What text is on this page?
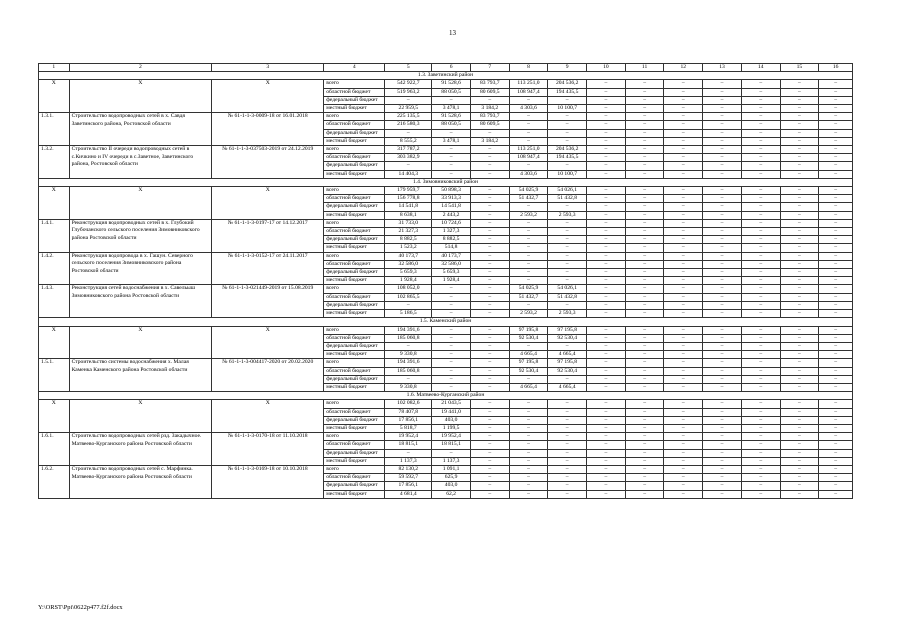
13
1	2	3	4	5	6	7	8	9	10	11	12	13	14	15	16
1.3. Заветинский район															
X	X	X	всего	542 922,7	91 528,6	83 793,7	113 251,0	204 536,2	–	–	–	–	–	–	–
			областной бюджет	519 963,2	88 050,5	80 609,5	108 947,4	194 435,5	–	–	–	–	–	–	–
			федеральный бюджет	–	–	–	–	–	–	–	–	–	–	–	–
			местный бюджет	22 959,5	3 478,1	3 184,2	4 303,6	10 100,7	–	–	–	–	–	–	–
1.3.1.	Строительство водопроводных сетей в х. Савдя Заветинского района, Ростовской области	№ 61-1-1-3-0009-18 от 16.01.2018	всего	225 135,5	91 528,6	83 793,7	–	–	–	–	–	–	–	–	–
			областной бюджет	216 580,3	88 050,5	80 609,5	–	–	–	–	–	–	–	–	–
			федеральный бюджет	–	–	–	–	–	–	–	–	–	–	–	–
			местный бюджет	8 555,2	3 478,1	3 184,2	–	–	–	–	–	–	–	–	–
1.3.2.	Строительство II очереди водопроводных сетей в с.Кичкино и IV очереди в с.Заветное, Заветинского района, Ростовской области	№ 61-1-1-3-037503-2019 от 24.12.2019	всего	317 787,2	–	–	113 251,0	204 536,2	–	–	–	–	–	–	–
			областной бюджет	303 382,9	–	–	108 947,4	194 435,5	–	–	–	–	–	–	–
			федеральный бюджет	–	–	–	–	–	–	–	–	–	–	–	–
			местный бюджет	14 404,3	–	–	4 303,6	10 100,7	–	–	–	–	–	–	–
1.4. Зимовниковский район															
X	X	X	всего	179 959,7	50 898,3	–	54 025,9	54 026,1	–	–	–	–	–	–	–
			областной бюджет	156 778,8	33 913,3	–	51 432,7	51 432,8	–	–	–	–	–	–	–
			федеральный бюджет	14 541,8	14 541,8	–	–	–	–	–	–	–	–	–	–
			местный бюджет	8 638,1	2 443,2	–	2 593,2	2 593,3	–	–	–	–	–	–	–
1.4.1.	Реконструкция водопроводных сетей в х. Глубокий Глубочанского сельского поселения Зимовниковского района Ростовской области	№ 61-1-1-3-0197-17 от 14.12.2017	всего	31 733,0	10 724,6	–	–	–	–	–	–	–	–	–	–
			областной бюджет	21 327,3	1 327,3	–	–	–	–	–	–	–	–	–	–
			федеральный бюджет	8 882,5	8 882,5	–	–	–	–	–	–	–	–	–	–
			местный бюджет	1 523,2	514,8	–	–	–	–	–	–	–	–	–	–
1.4.2.	Реконструкция водопровода в х. Гашун. Северного сельского поселения Зимовниковского района Ростовской области	№ 61-1-1-3-0152-17 от 24.11.2017	всего	40 173,7	40 173,7	–	–	–	–	–	–	–	–	–	–
			областной бюджет	32 586,0	32 586,0	–	–	–	–	–	–	–	–	–	–
			федеральный бюджет	5 659,3	5 659,3	–	–	–	–	–	–	–	–	–	–
			местный бюджет	1 928,4	1 928,4	–	–	–	–	–	–	–	–	–	–
1.4.3.	Реконструкция сетей водоснабжения в х. Савельыш Зимовниковского района Ростовской области	№ 61-1-1-3-021449-2019 от 15.08.2019	всего	108 052,0	–	–	54 025,9	54 026,1	–	–	–	–	–	–	–
			областной бюджет	102 865,5	–	–	51 432,7	51 432,8	–	–	–	–	–	–	–
			федеральный бюджет	–	–	–	–	–	–	–	–	–	–	–	–
			местный бюджет	5 186,5	–	–	2 593,2	2 593,3	–	–	–	–	–	–	–
1.5. Каменский район															
X	X	X	всего	194 391,6	–	–	97 195,8	97 195,8	–	–	–	–	–	–	–
			областной бюджет	185 060,8	–	–	92 530,4	92 530,4	–	–	–	–	–	–	–
			федеральный бюджет	–	–	–	–	–	–	–	–	–	–	–	–
			местный бюджет	9 330,8	–	–	4 665,4	4 665,4	–	–	–	–	–	–	–
1.5.1.	Строительство системы водоснабжения х. Малая Каменка Каменского района Ростовской области	№ 61-1-1-3-004417-2020 от 20.02.2020	всего	194 391,6	–	–	97 195,8	97 195,8	–	–	–	–	–	–	–
			областной бюджет	185 060,8	–	–	92 530,4	92 530,4	–	–	–	–	–	–	–
			федеральный бюджет	–	–	–	–	–	–	–	–	–	–	–	–
			местный бюджет	9 330,8	–	–	4 665,4	4 665,4	–	–	–	–	–	–	–
1.6. Матвеево-Курганский район															
X	X	X	всего	102 082,6	21 043,5	–	–	–	–	–	–	–	–	–	–
			областной бюджет	78 407,8	19 441,0	–	–	–	–	–	–	–	–	–	–
			федеральный бюджет	17 856,1	403,0	–	–	–	–	–	–	–	–	–	–
			местный бюджет	5 818,7	1 199,5	–	–	–	–	–	–	–	–	–	–
1.6.1.	Строительство водопроводных сетей рзд. Закадычное. Матвеево-Курганского района Ростовской области	№ 61-1-1-3-0170-18 от 11.10.2018	всего	19 952,4	19 952,4	–	–	–	–	–	–	–	–	–	–
			областной бюджет	18 815,1	18 815,1	–	–	–	–	–	–	–	–	–	–
			федеральный бюджет	–	–	–	–	–	–	–	–	–	–	–	–
			местный бюджет	1 137,3	1 137,3	–	–	–	–	–	–	–	–	–	–
1.6.2.	Строительство водопроводных сетей с. Марфинка. Матвеево-Курганского района Ростовской области	№ 61-1-1-3-0169-18 от 10.10.2018	всего	82 130,2	1 091,1	–	–	–	–	–	–	–	–	–	–
			областной бюджет	59 592,7	625,9	–	–	–	–	–	–	–	–	–	–
			федеральный бюджет	17 856,1	403,0	–	–	–	–	–	–	–	–	–	–
			местный бюджет	4 681,4	62,2	–	–	–	–	–	–	–	–	–	–
Y:\ORST\Ppi\0622p477.f2f.docx
